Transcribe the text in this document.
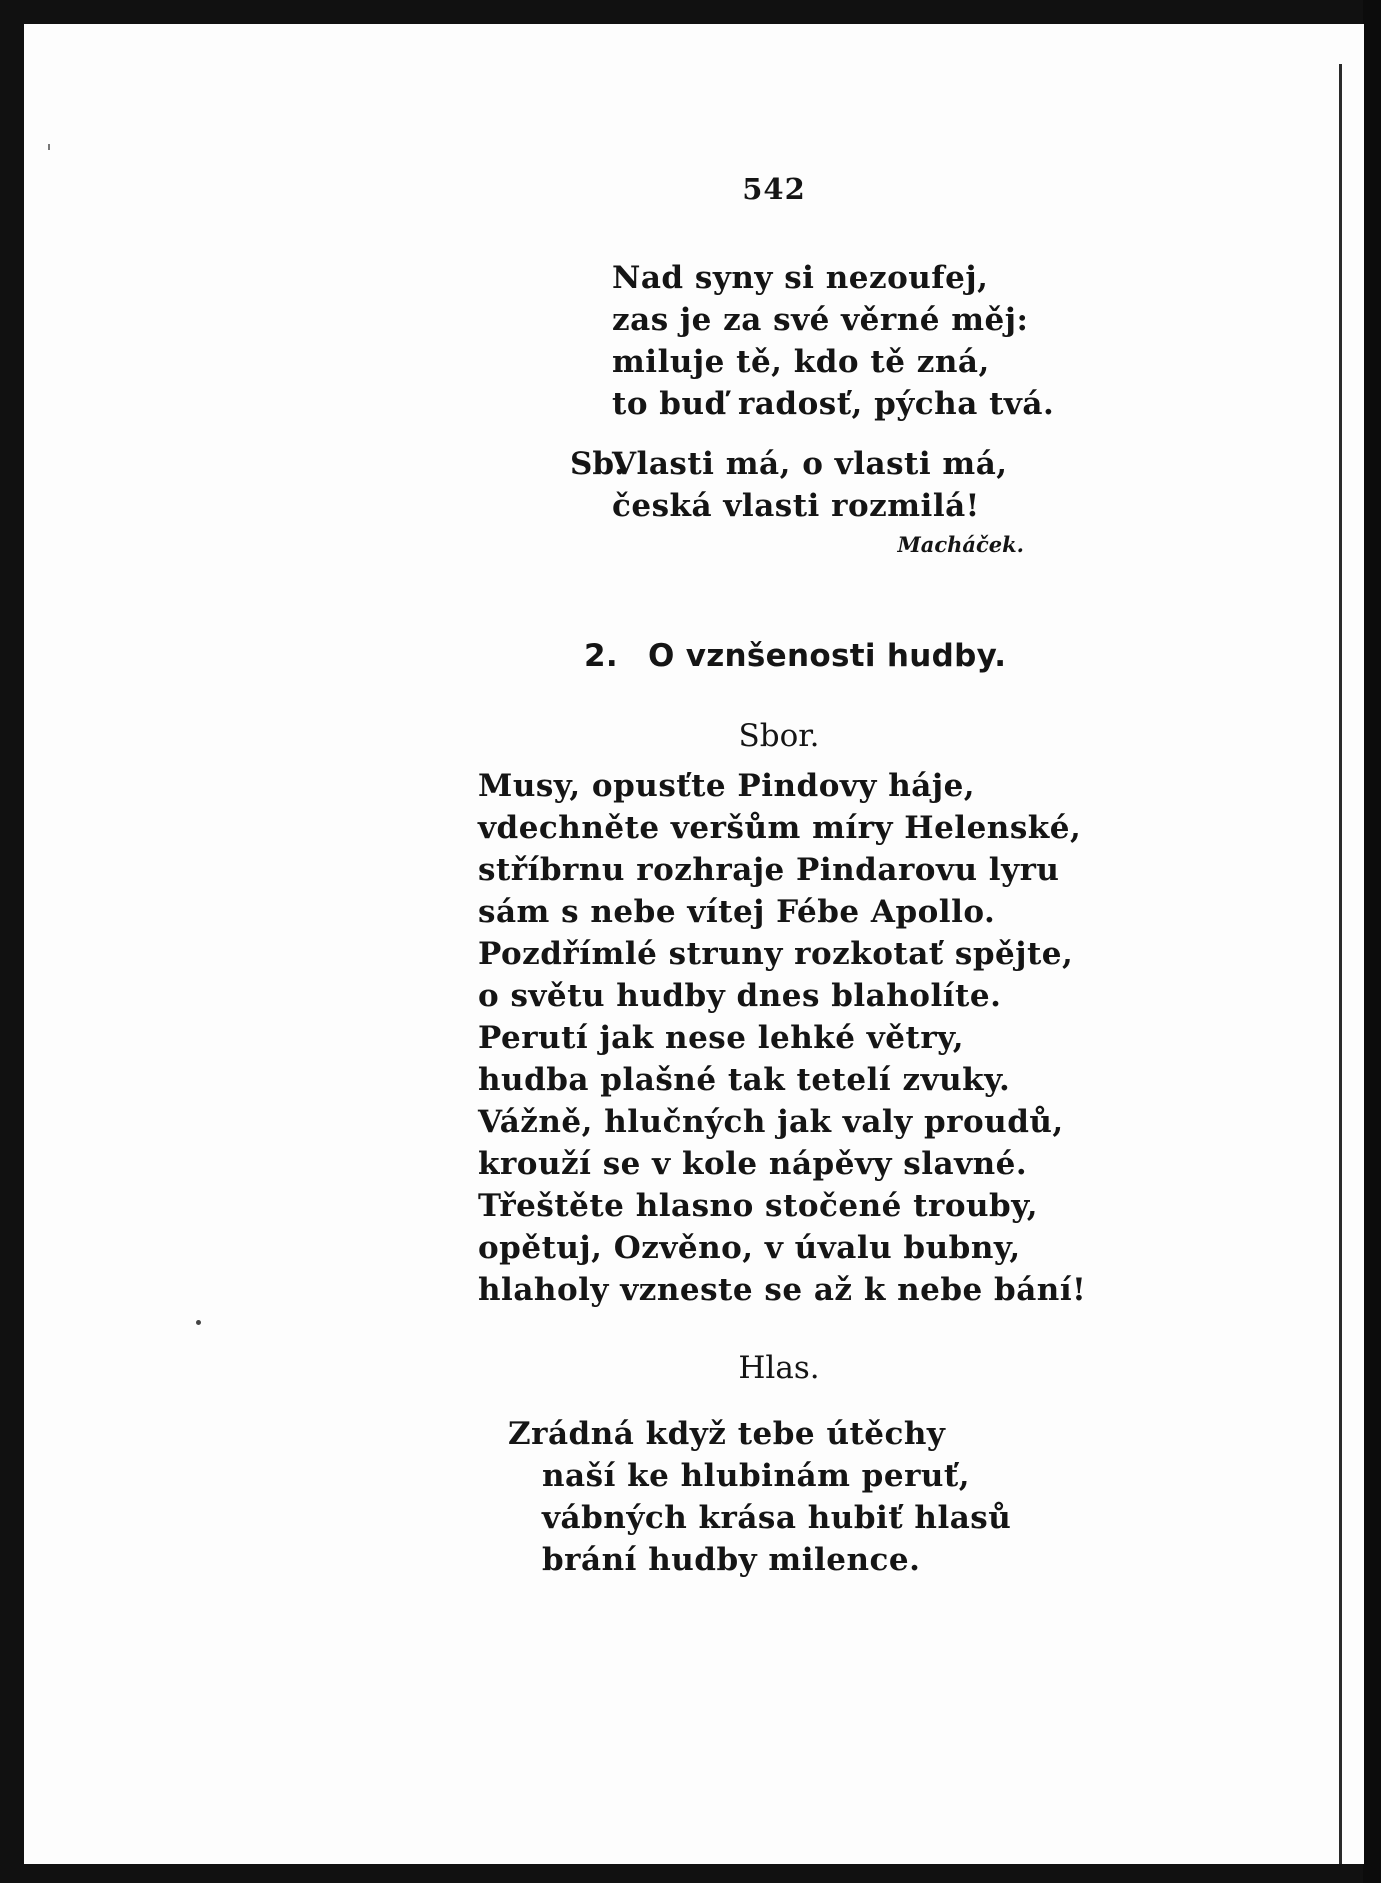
542
Nad syny si nezoufej,
zas je za své věrné měj:
miluje tě, kdo tě zná,
to buď radosť, pýcha tvá.
Sb.
Vlasti má, o vlasti má,
česká vlasti rozmilá!
Macháček.
2. O vznšenosti hudby.
Sbor.
Musy, opusťte Pindovy háje,
vdechněte veršům míry Helenské,
stříbrnu rozhraje Pindarovu lyru
sám s nebe vítej Fébe Apollo.
Pozdřímlé struny rozkotať spějte,
o světu hudby dnes blaholíte.
Perutí jak nese lehké větry,
hudba plašné tak tetelí zvuky.
Vážně, hlučných jak valy proudů,
krouží se v kole nápěvy slavné.
Třeštěte hlasno stočené trouby,
opětuj, Ozvěno, v úvalu bubny,
hlaholy vzneste se až k nebe bání!
Hlas.
Zrádná když tebe útěchy
naší ke hlubinám peruť,
vábných krása hubiť hlasů
brání hudby milence.
